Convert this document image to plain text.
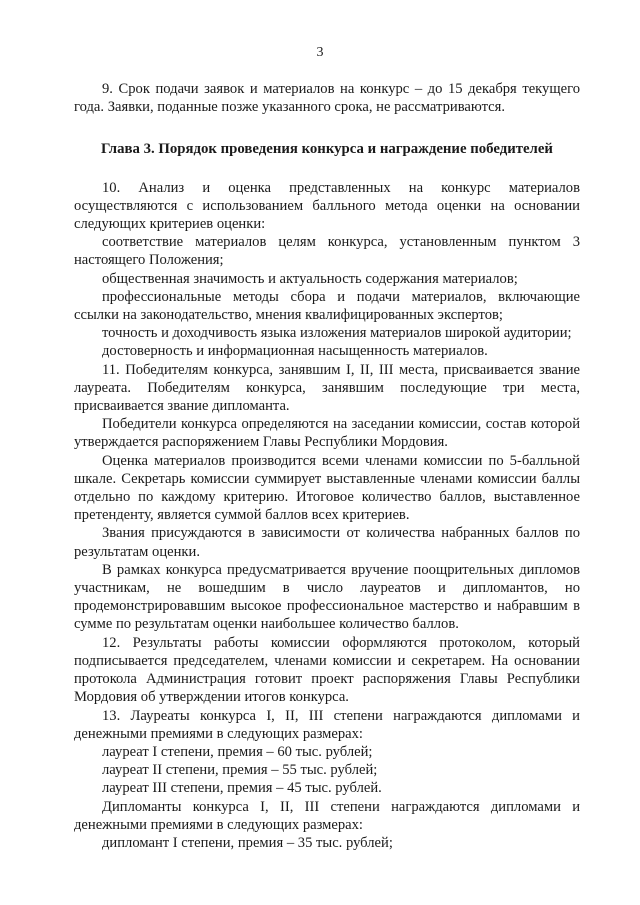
3

9. Срок подачи заявок и материалов на конкурс – до 15 декабря текущего года. Заявки, поданные позже указанного срока, не рассматриваются.

Глава 3. Порядок проведения конкурса и награждение победителей

10. Анализ и оценка представленных на конкурс материалов осуществляются с использованием балльного метода оценки на основании следующих критериев оценки:

соответствие материалов целям конкурса, установленным пунктом 3 настоящего Положения;

общественная значимость и актуальность содержания материалов;

профессиональные методы сбора и подачи материалов, включающие ссылки на законодательство, мнения квалифицированных экспертов;

точность и доходчивость языка изложения материалов широкой аудитории;

достоверность и информационная насыщенность материалов.

11. Победителям конкурса, занявшим I, II, III места, присваивается звание лауреата. Победителям конкурса, занявшим последующие три места, присваивается звание дипломанта.

Победители конкурса определяются на заседании комиссии, состав которой утверждается распоряжением Главы Республики Мордовия.

Оценка материалов производится всеми членами комиссии по 5-балльной шкале. Секретарь комиссии суммирует выставленные членами комиссии баллы отдельно по каждому критерию. Итоговое количество баллов, выставленное претенденту, является суммой баллов всех критериев.

Звания присуждаются в зависимости от количества набранных баллов по результатам оценки.

В рамках конкурса предусматривается вручение поощрительных дипломов участникам, не вошедшим в число лауреатов и дипломантов, но продемонстрировавшим высокое профессиональное мастерство и набравшим в сумме по результатам оценки наибольшее количество баллов.

12. Результаты работы комиссии оформляются протоколом, который подписывается председателем, членами комиссии и секретарем. На основании протокола Администрация готовит проект распоряжения Главы Республики Мордовия об утверждении итогов конкурса.

13. Лауреаты конкурса I, II, III степени награждаются дипломами и денежными премиями в следующих размерах:

лауреат I степени, премия – 60 тыс. рублей;

лауреат II степени, премия – 55 тыс. рублей;

лауреат III степени, премия – 45 тыс. рублей.

Дипломанты конкурса I, II, III степени награждаются дипломами и денежными премиями в следующих размерах:

дипломант I степени, премия – 35 тыс. рублей;
